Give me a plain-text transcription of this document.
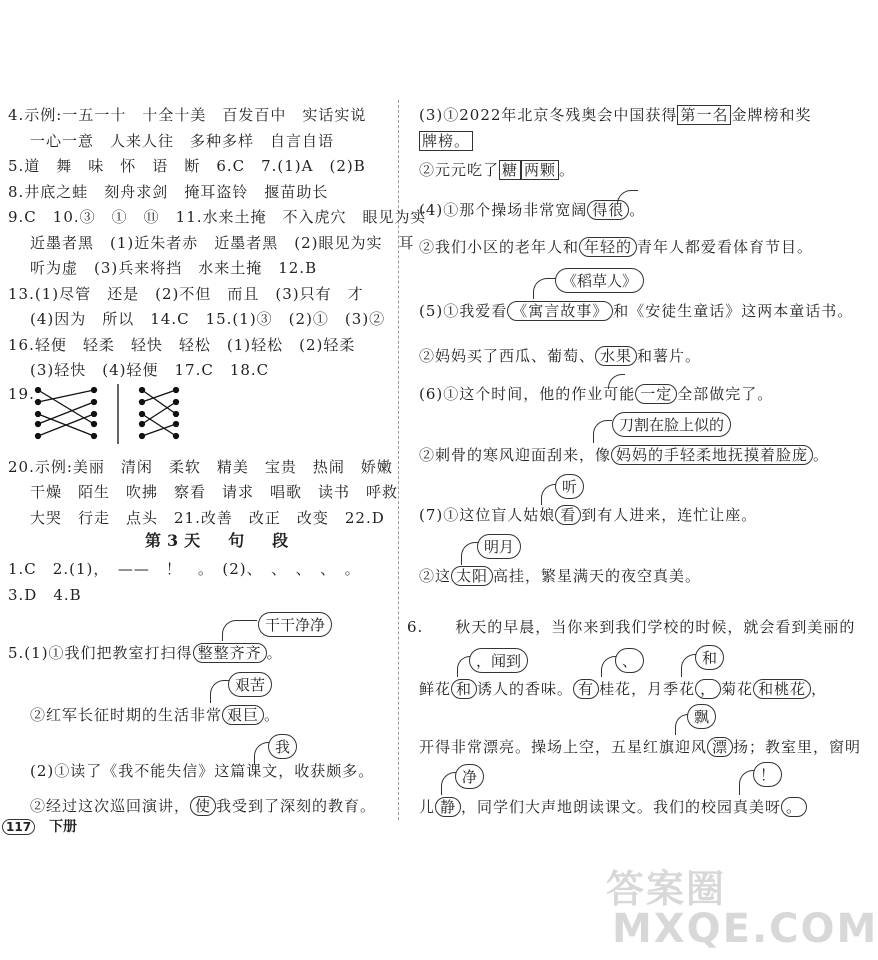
4.示例:一五一十　十全十美　百发百中　实话实说
一心一意　人来人往　多种多样　自言自语
5.道　舞　味　怀　语　断　6.C　7.(1)A　(2)B
8.井底之蛙　刻舟求剑　掩耳盗铃　揠苗助长
9.C　10.③　①　⑪　11.水来土掩　不入虎穴　眼见为实
近墨者黑　(1)近朱者赤　近墨者黑　(2)眼见为实　耳
听为虚　(3)兵来将挡　水来土掩　12.B
13.(1)尽管　还是　(2)不但　而且　(3)只有　才
(4)因为　所以　14.C　15.(1)③　(2)①　(3)②
16.轻便　轻柔　轻快　轻松　(1)轻松　(2)轻柔
(3)轻快　(4)轻便　17.C　18.C
19.
20.示例:美丽　清闲　柔软　精美　宝贵　热闹　娇嫩
干燥　陌生　吹拂　察看　请求　唱歌　读书　呼救
大哭　行走　点头　21.改善　改正　改变　22.D
第3天　句　段
1.C　2.(1)，　——　！　。　(2)、　、　、　、　。
3.D　4.B
干干净净
5.(1)①我们把教室打扫得 整整齐齐 。
艰苦
②红军长征时期的生活非常 艰巨 。
我
(2)①读了《我不能失信》这篇课文，收获颇多。
②经过这次巡回演讲， 使 我受到了深刻的教育。
(3)①2022年北京冬残奥会中国获得 第一名 金牌榜和奖
牌榜。
②元元吃了 糖 两颗 。
(4)①那个操场非常宽阔 得很 。
②我们小区的老年人和 年轻的 青年人都爱看体育节目。
《稻草人》
(5)①我爱看 《寓言故事》 和《安徒生童话》这两本童话书。
②妈妈买了西瓜、葡萄、 水果 和薯片。
(6)①这个时间，他的作业可能 一定 全部做完了。
刀割在脸上似的
②刺骨的寒风迎面刮来，像 妈妈的手轻柔地抚摸着脸庞 。
听
(7)①这位盲人姑娘 看 到有人进来，连忙让座。
明月
②这 太阳 高挂，繁星满天的夜空真美。
6.　　秋天的早晨，当你来到我们学校的时候，就会看到美丽的
，闻到	、	和
鲜花 和 诱人的香味。 有 桂花，月季花 ， 菊花 和桃花 ，
飘
开得非常漂亮。操场上空，五星红旗迎风 漂 扬；教室里，窗明
净	！
儿 静 ，同学们大声地朗读课文。我们的校园真美呀 。
117 下册
答案圈
MXQE.COM
